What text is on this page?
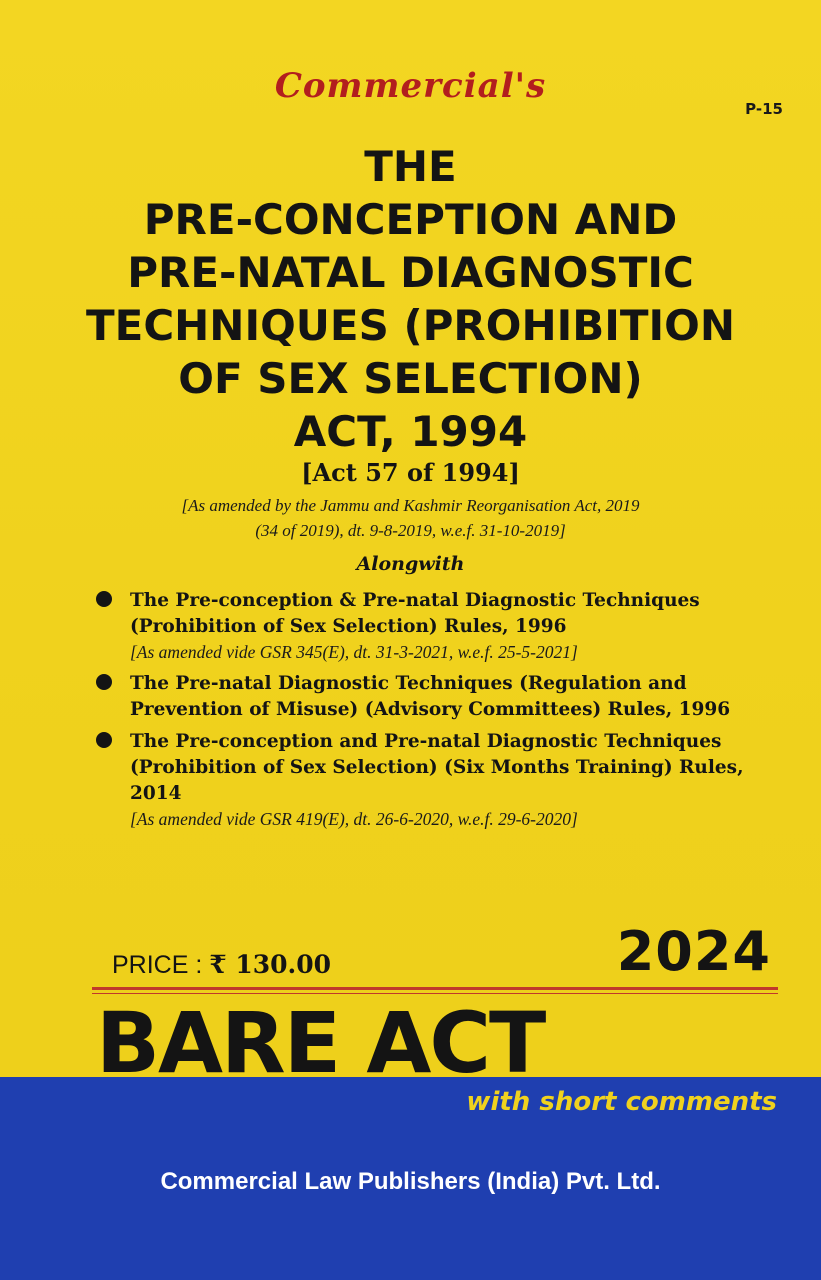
Commercial's
P-15
THE
PRE-CONCEPTION AND
PRE-NATAL DIAGNOSTIC
TECHNIQUES (PROHIBITION
OF SEX SELECTION)
ACT, 1994
[Act 57 of 1994]
[As amended by the Jammu and Kashmir Reorganisation Act, 2019
(34 of 2019), dt. 9-8-2019, w.e.f. 31-10-2019]
Alongwith
The Pre-conception & Pre-natal Diagnostic Techniques (Prohibition of Sex Selection) Rules, 1996
[As amended vide GSR 345(E), dt. 31-3-2021, w.e.f. 25-5-2021]
The Pre-natal Diagnostic Techniques (Regulation and Prevention of Misuse) (Advisory Committees) Rules, 1996
The Pre-conception and Pre-natal Diagnostic Techniques (Prohibition of Sex Selection) (Six Months Training) Rules, 2014
[As amended vide GSR 419(E), dt. 26-6-2020, w.e.f. 29-6-2020]
PRICE : ₹ 130.00	2024
BARE ACT
with short comments
Commercial Law Publishers (India) Pvt. Ltd.
